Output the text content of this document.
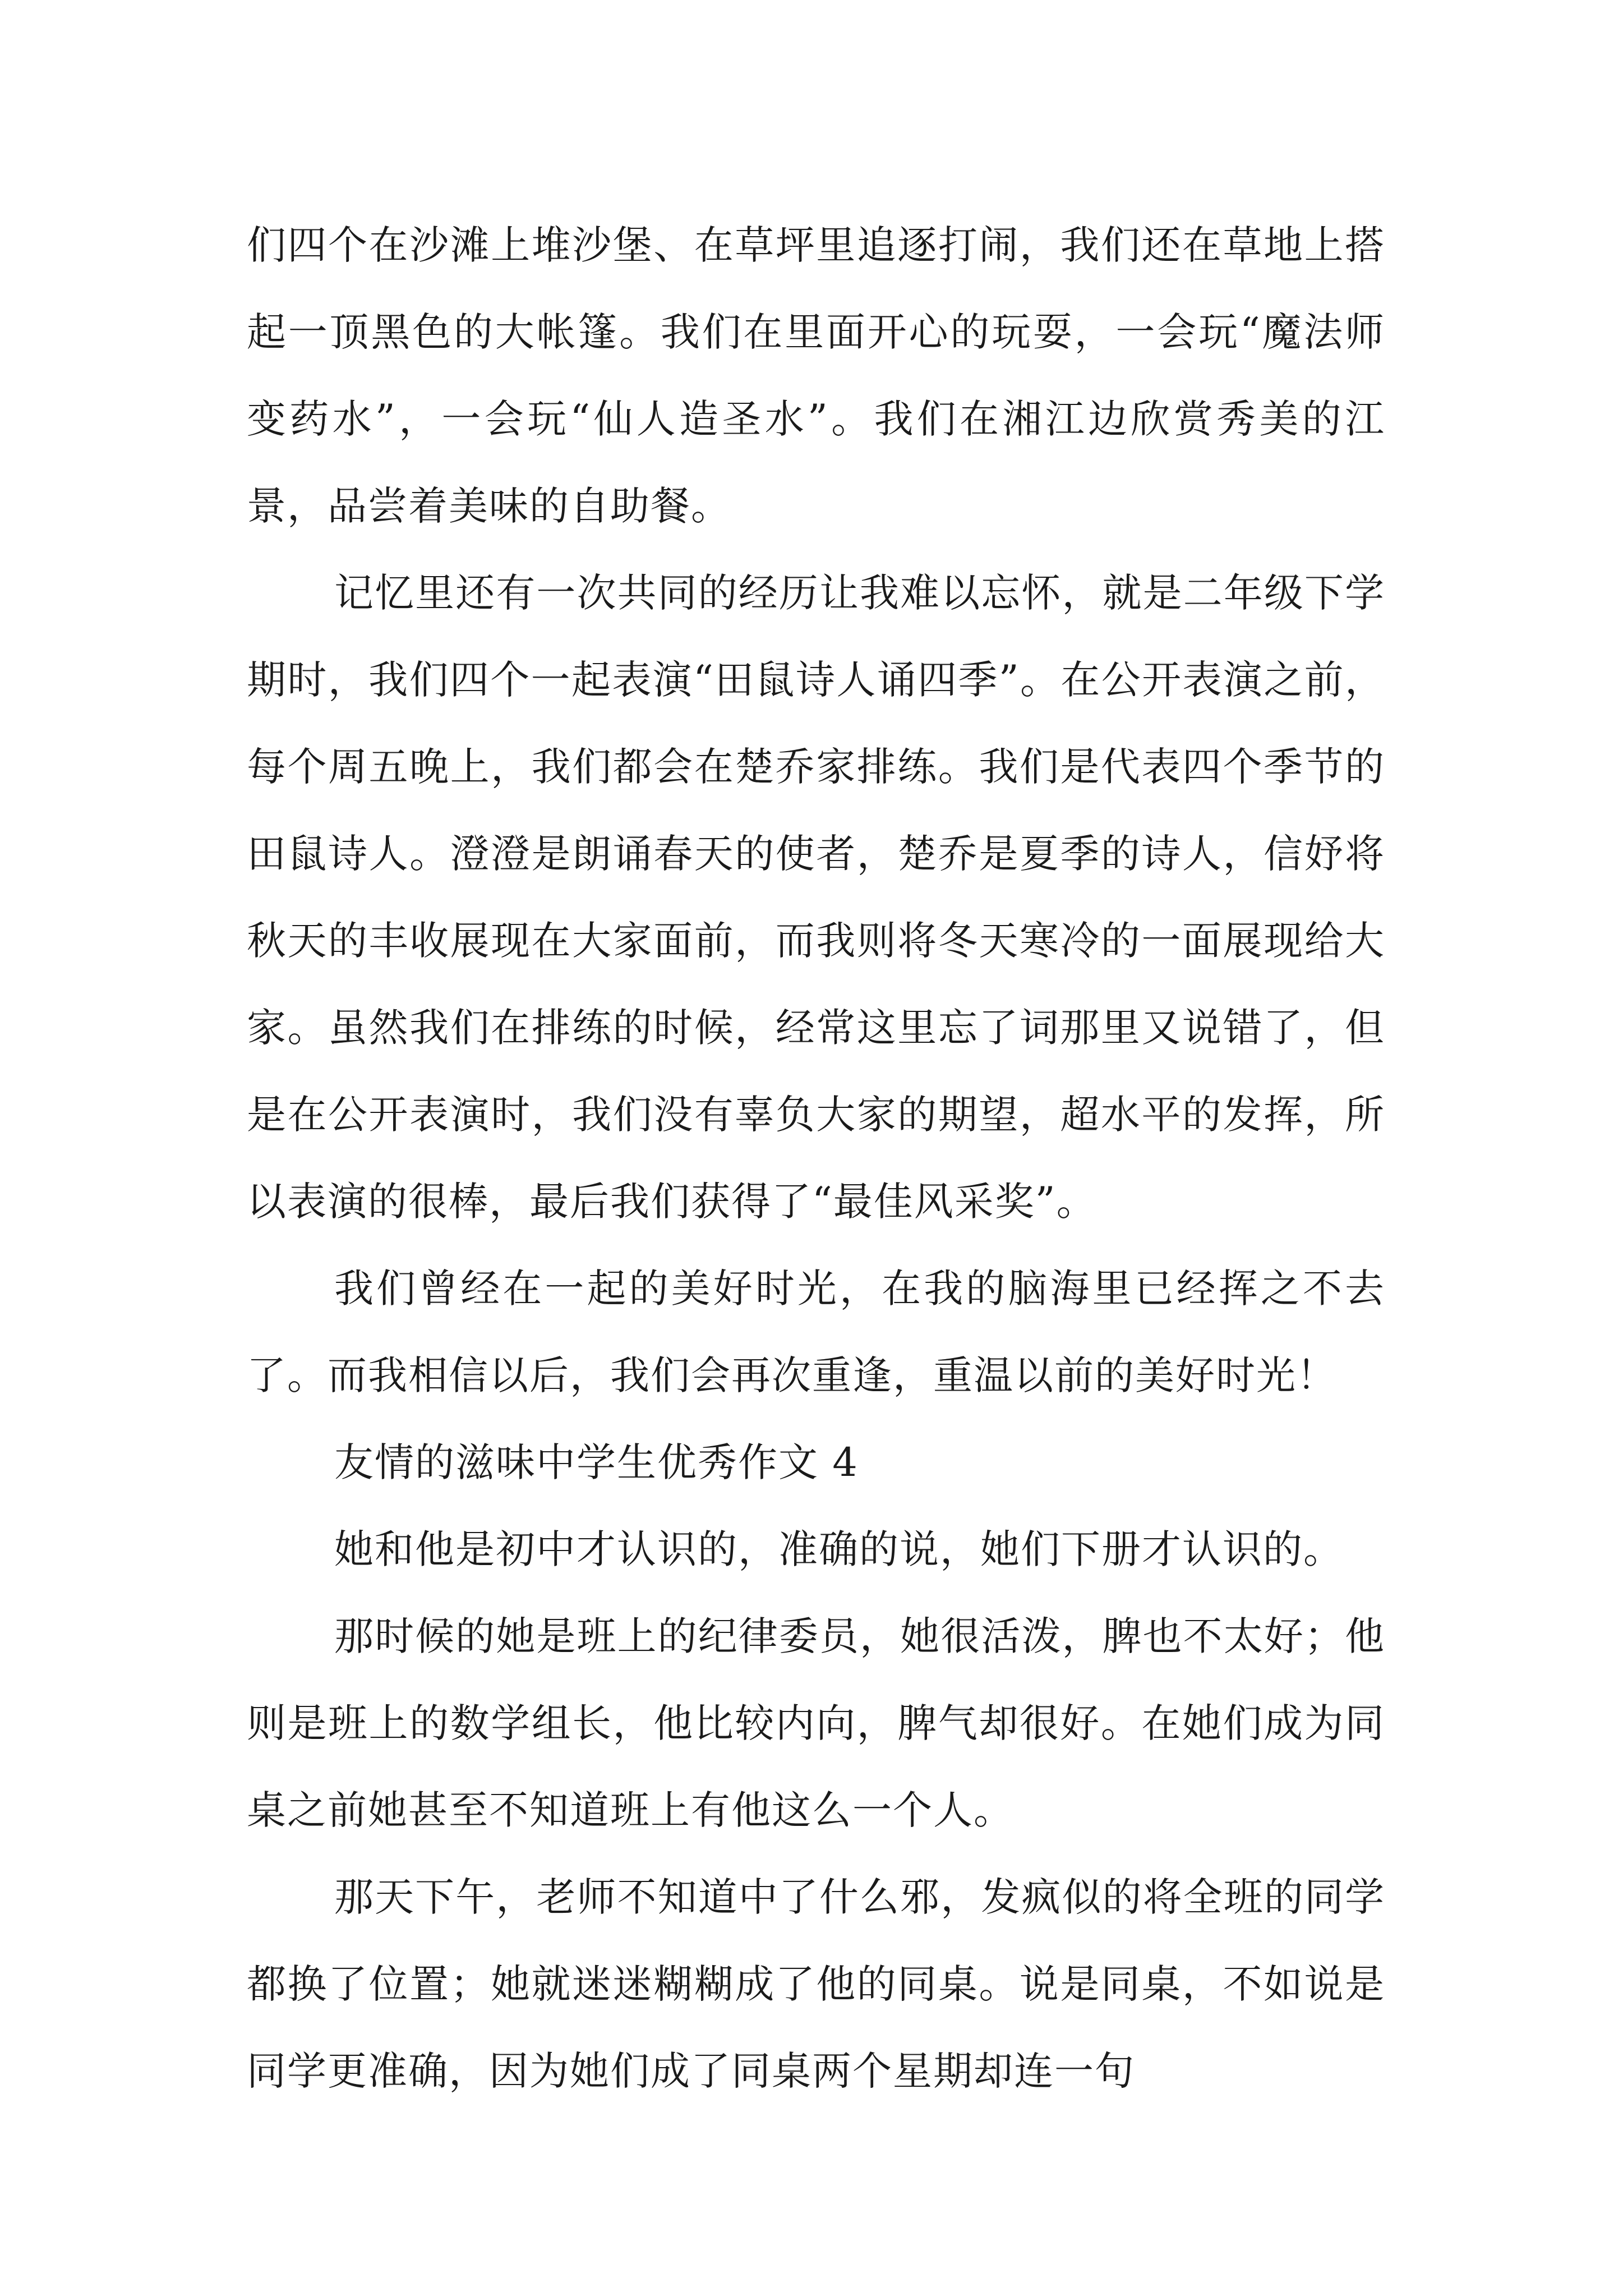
们四个在沙滩上堆沙堡、在草坪里追逐打闹，我们还在草地上搭起一顶黑色的大帐篷。我们在里面开心的玩耍，一会玩“魔法师变药水”，一会玩“仙人造圣水”。我们在湘江边欣赏秀美的江景，品尝着美味的自助餐。

记忆里还有一次共同的经历让我难以忘怀，就是二年级下学期时，我们四个一起表演“田鼠诗人诵四季”。在公开表演之前，每个周五晚上，我们都会在楚乔家排练。我们是代表四个季节的田鼠诗人。澄澄是朗诵春天的使者，楚乔是夏季的诗人，信妤将秋天的丰收展现在大家面前，而我则将冬天寒冷的一面展现给大家。虽然我们在排练的时候，经常这里忘了词那里又说错了，但是在公开表演时，我们没有辜负大家的期望，超水平的发挥，所以表演的很棒，最后我们获得了“最佳风采奖”。

我们曾经在一起的美好时光，在我的脑海里已经挥之不去了。而我相信以后，我们会再次重逢，重温以前的美好时光！

友情的滋味中学生优秀作文 4

她和他是初中才认识的，准确的说，她们下册才认识的。

那时候的她是班上的纪律委员，她很活泼，脾也不太好；他则是班上的数学组长，他比较内向，脾气却很好。在她们成为同桌之前她甚至不知道班上有他这么一个人。

那天下午，老师不知道中了什么邪，发疯似的将全班的同学都换了位置；她就迷迷糊糊成了他的同桌。说是同桌，不如说是同学更准确，因为她们成了同桌两个星期却连一句
